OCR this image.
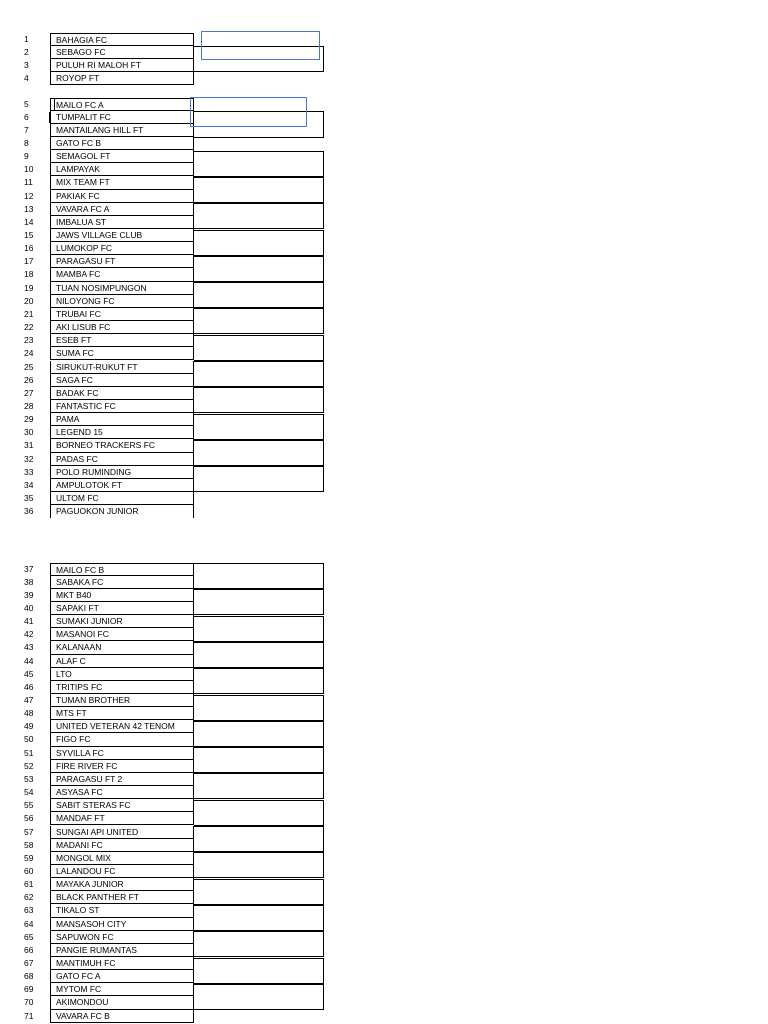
1	BAHAGIA FC
2	SEBAGO FC
3	PULUH RI MALOH FT
4	ROYOP FT
5	MAILO FC A
6	TUMPALIT FC
7	MANTAILANG HILL FT
8	GATO FC B
9	SEMAGOL FT
10	LAMPAYAK
11	MIX TEAM FT
12	PAKIAK FC
13	VAVARA FC A
14	IMBALUA ST
15	JAWS VILLAGE CLUB
16	LUMOKOP FC
17	PARAGASU FT
18	MAMBA FC
19	TUAN NOSIMPUNGON
20	NILOYONG FC
21	TRUBAI FC
22	AKI LISUB FC
23	ESEB FT
24	SUMA FC
25	SIRUKUT-RUKUT FT
26	SAGA FC
27	BADAK FC
28	FANTASTIC FC
29	PAMA
30	LEGEND 15
31	BORNEO TRACKERS FC
32	PADAS FC
33	POLO RUMINDING
34	AMPULOTOK FT
35	ULTOM FC
36	PAGUOKON JUNIOR
37	MAILO FC B
38	SABAKA FC
39	MKT B40
40	SAPAKI FT
41	SUMAKI JUNIOR
42	MASANOI FC
43	KALANAAN
44	ALAF C
45	LTO
46	TRITIPS FC
47	TUMAN BROTHER
48	MTS FT
49	UNITED VETERAN 42 TENOM
50	FIGO FC
51	SYVILLA FC
52	FIRE RIVER FC
53	PARAGASU FT 2
54	ASYASA FC
55	SABIT STERAS FC
56	MANDAF FT
57	SUNGAI API UNITED
58	MADANI FC
59	MONGOL MIX
60	LALANDOU FC
61	MAYAKA JUNIOR
62	BLACK PANTHER FT
63	TIKALO ST
64	MANSASOH CITY
65	SAPUWON FC
66	PANGIE RUMANTAS
67	MANTIMUH FC
68	GATO FC A
69	MYTOM FC
70	AKIMONDOU
71	VAVARA FC B
